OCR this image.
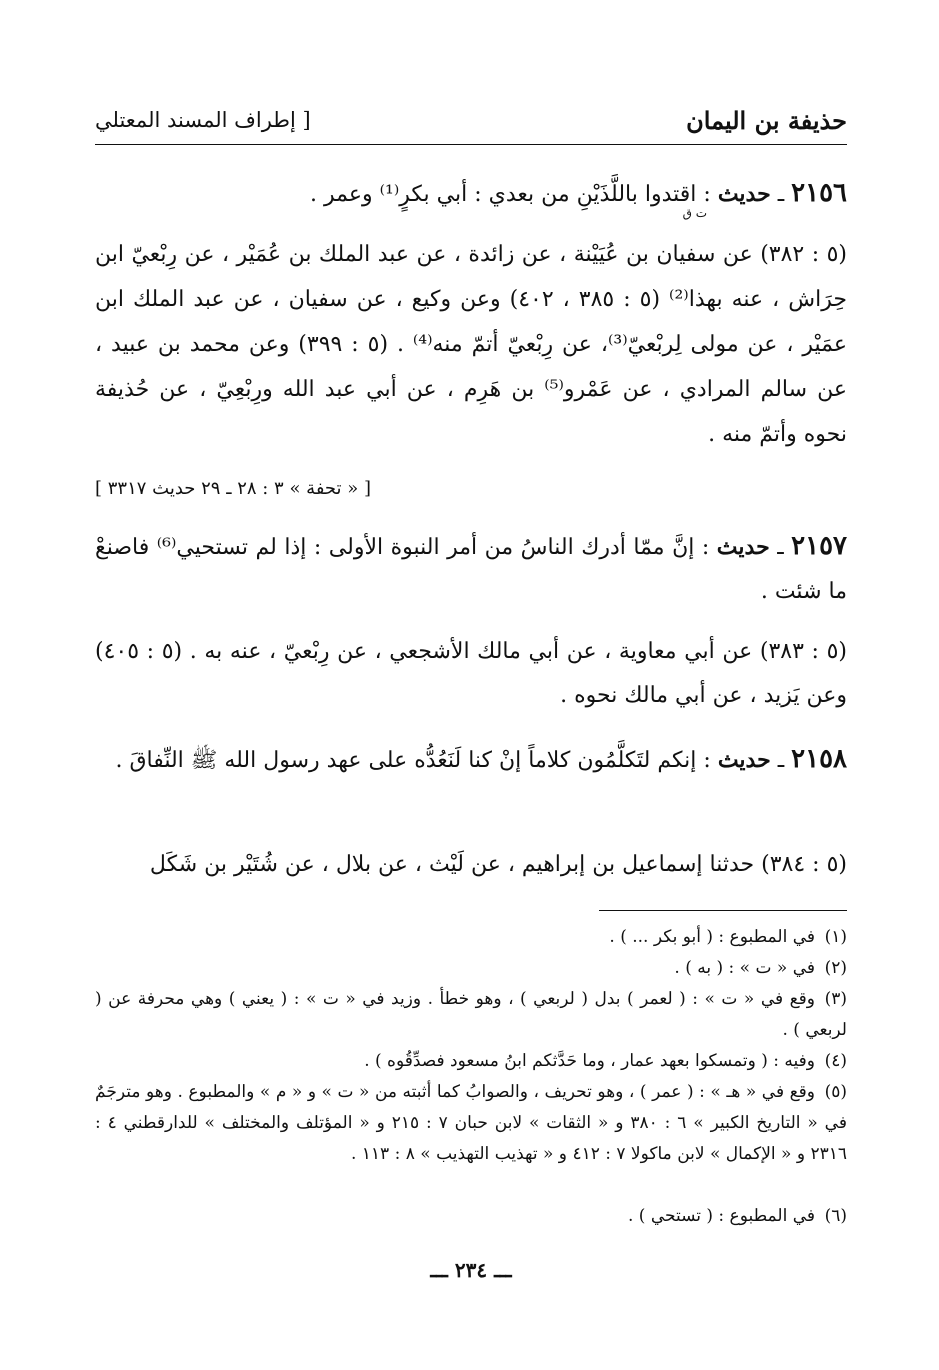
حذيفة بن اليمان
[ إطراف المسند المعتلي
٢١٥٦ ـ حديث : اقتدوا باللَّذَيْنِ من بعدي : أبي بكرٍ⁽¹⁾ وعمر .
ت ق
(٥ : ٣٨٢) عن سفيان بن عُيَيْنة ، عن زائدة ، عن عبد الملك بن عُمَيْر ، عن رِبْعيّ ابن حِرَاش ، عنه بهذا⁽²⁾ (٥ : ٣٨٥ ، ٤٠٢) وعن وكيع ، عن سفيان ، عن عبد الملك ابن عمَيْر ، عن مولى لِربْعيّ⁽³⁾، عن رِبْعيّ أتمّ منه⁽⁴⁾ . (٥ : ٣٩٩) وعن محمد بن عبيد ، عن سالم المرادي ، عن عَمْرو⁽⁵⁾ بن هَرِم ، عن أبي عبد الله ورِبْعِيّ ، عن حُذيفة نحوه وأتمّ منه .
[ « تحفة » ٣ : ٢٨ ـ ٢٩ حديث ٣٣١٧ ]
٢١٥٧ ـ حديث : إنَّ ممّا أدرك الناسُ من أمر النبوة الأولى : إذا لم تستحيي⁽⁶⁾ فاصنعْ ما شئت .
(٥ : ٣٨٣) عن أبي معاوية ، عن أبي مالك الأشجعي ، عن رِبْعيّ ، عنه به . (٥ : ٤٠٥) وعن يَزيد ، عن أبي مالك نحوه .
٢١٥٨ ـ حديث : إنكم لتَكلَّمُون كلاماً إنْ كنا لَنَعُدُّه على عهد رسول الله ﷺ النِّفاقَ .
(٥ : ٣٨٤) حدثنا إسماعيل بن إبراهيم ، عن لَيْث ، عن بلال ، عن شُتَيْر بن شَكَل
(١)في المطبوع : ( أبو بكر ... ) .
(٢)في « ت » : ( به ) .
(٣)وقع في « ت » : ( لعمر ) بدل ( لربعي ) ، وهو خطأ . وزيد في « ت » : ( يعني ) وهي محرفة عن ( لربعي ) .
(٤)وفيه : ( وتمسكوا بعهد عمار ، وما حَدَّثكم ابنُ مسعود فصدِّقُوه ) .
(٥)وقع في « هـ » : ( عمر ) ، وهو تحريف ، والصوابُ كما أثبته من « ت » و « م » والمطبوع . وهو مترجَمٌ في « التاريخ الكبير » ٦ : ٣٨٠ و « الثقات » لابن حبان ٧ : ٢١٥ و « المؤتلف والمختلف » للدارقطني ٤ : ٢٣١٦ و « الإكمال » لابن ماكولا ٧ : ٤١٢ و « تهذيب التهذيب » ٨ : ١١٣ .
(٦)في المطبوع : ( تستحي ) .
ـــ ٢٣٤ ـــ
